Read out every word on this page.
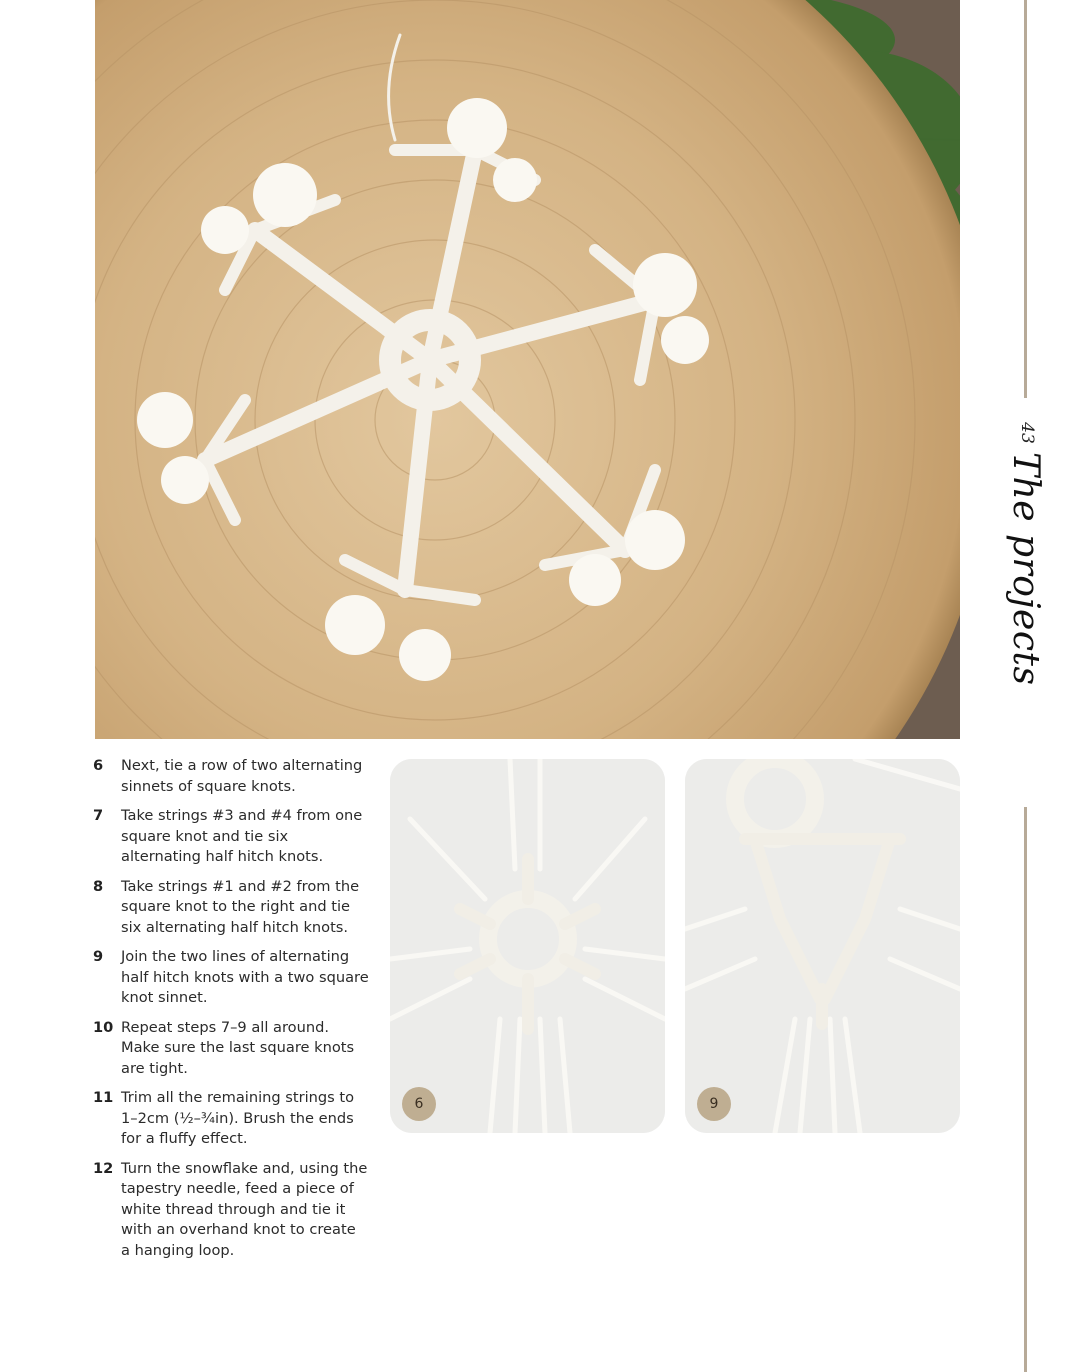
43
The projects
6	Next, tie a row of two alternating sinnets of square knots.
7	Take strings #3 and #4 from one square knot and tie six alternating half hitch knots.
8	Take strings #1 and #2 from the square knot to the right and tie six alternating half hitch knots.
9	Join the two lines of alternating half hitch knots with a two square knot sinnet.
10 Repeat steps 7–9 all around. Make sure the last square knots are tight.
11 Trim all the remaining strings to 1–2cm (½–¾in). Brush the ends for a fluffy effect.
12 Turn the snowflake and, using the tapestry needle, feed a piece of white thread through and tie it with an overhand knot to create a hanging loop.
6	9
